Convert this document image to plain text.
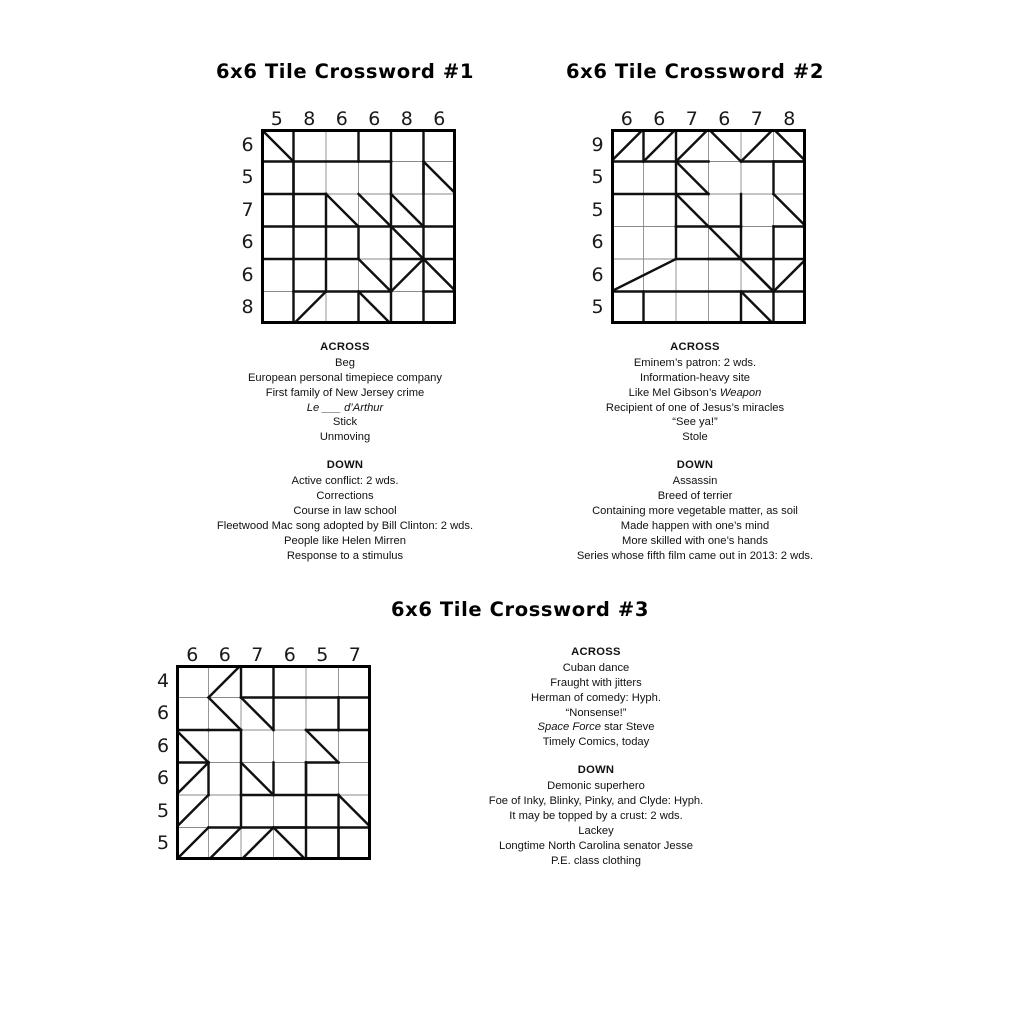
6x6 Tile Crossword #1
5 8 6 6 8 6
6
5
7
6
6
8
ACROSS
Beg
European personal timepiece company
First family of New Jersey crime
Le ___ d’Arthur
Stick
Unmoving
DOWN
Active conflict: 2 wds.
Corrections
Course in law school
Fleetwood Mac song adopted by Bill Clinton: 2 wds.
People like Helen Mirren
Response to a stimulus
6x6 Tile Crossword #2
6 6 7 6 7 8
9
5
5
6
6
5
ACROSS
Eminem’s patron: 2 wds.
Information-heavy site
Like Mel Gibson’s Weapon
Recipient of one of Jesus’s miracles
“See ya!”
Stole
DOWN
Assassin
Breed of terrier
Containing more vegetable matter, as soil
Made happen with one’s mind
More skilled with one’s hands
Series whose fifth film came out in 2013: 2 wds.
6x6 Tile Crossword #3
6 6 7 6 5 7
4
6
6
6
5
5
ACROSS
Cuban dance
Fraught with jitters
Herman of comedy: Hyph.
“Nonsense!”
Space Force star Steve
Timely Comics, today
DOWN
Demonic superhero
Foe of Inky, Blinky, Pinky, and Clyde: Hyph.
It may be topped by a crust: 2 wds.
Lackey
Longtime North Carolina senator Jesse
P.E. class clothing
